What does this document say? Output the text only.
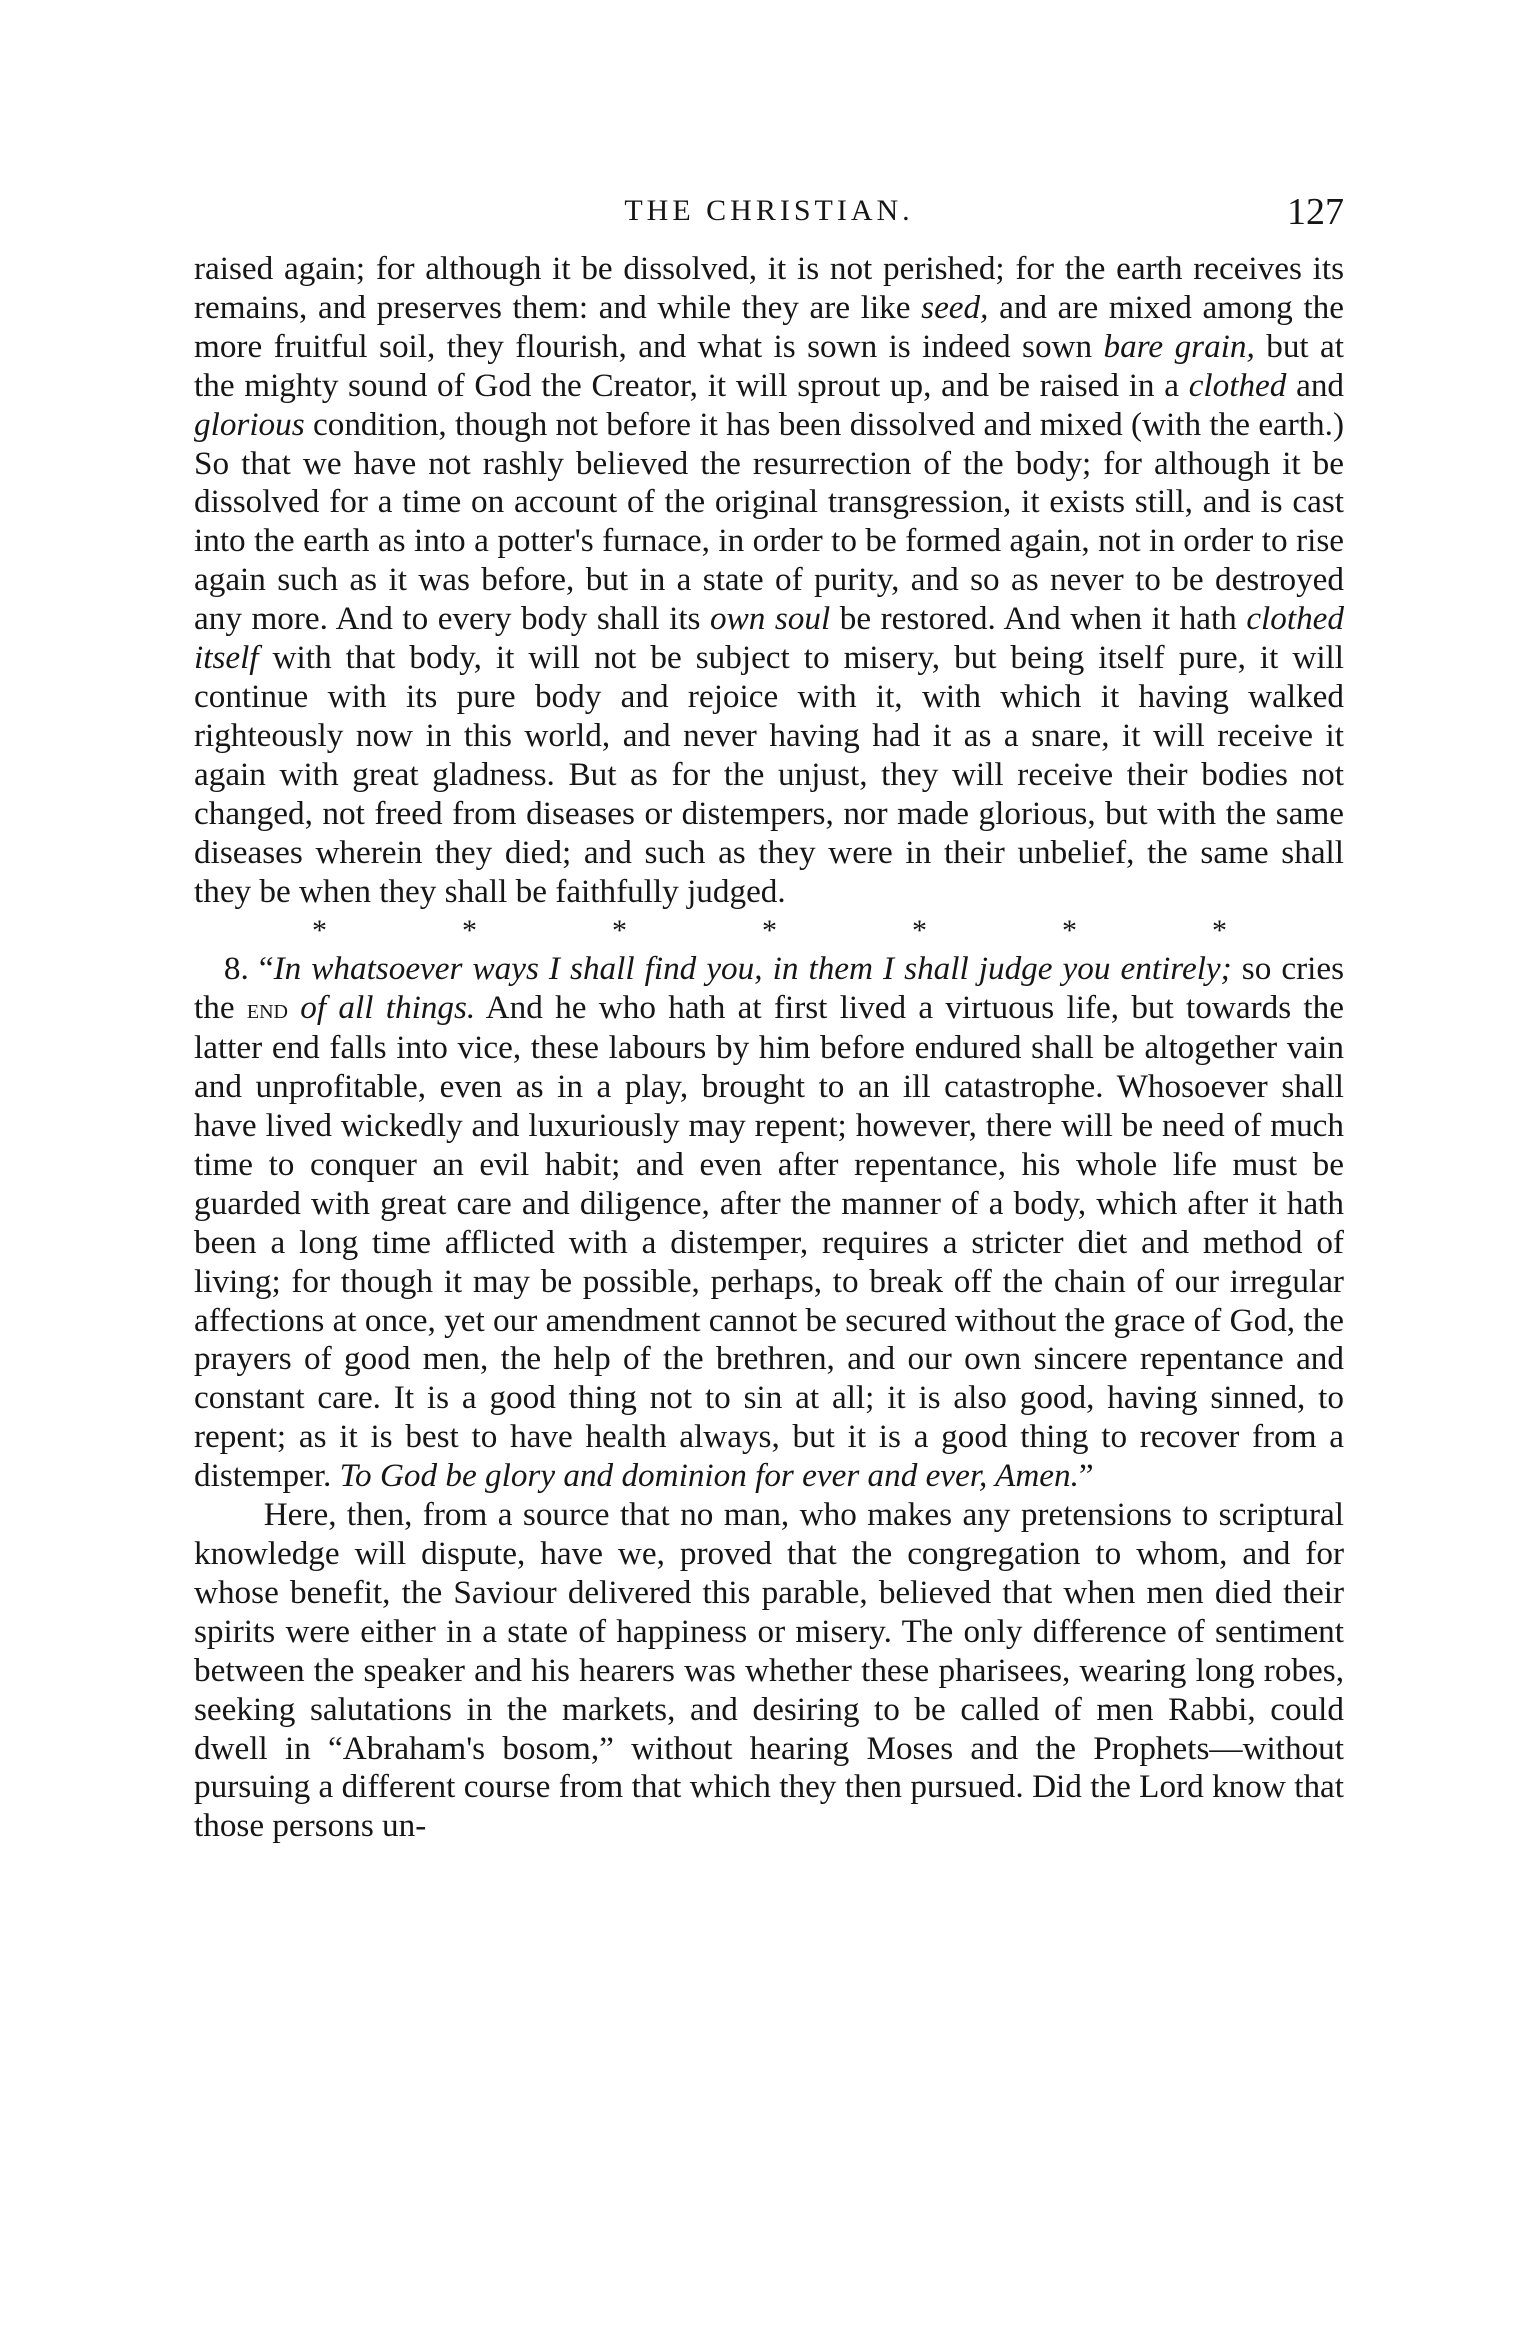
THE CHRISTIAN.	127

raised again; for although it be dissolved, it is not perished; for the earth receives its remains, and preserves them: and while they are like seed, and are mixed among the more fruitful soil, they flourish, and what is sown is indeed sown bare grain, but at the mighty sound of God the Creator, it will sprout up, and be raised in a clothed and glorious condition, though not before it has been dissolved and mixed (with the earth.) So that we have not rashly believed the resurrection of the body; for although it be dissolved for a time on account of the original transgression, it exists still, and is cast into the earth as into a potter's furnace, in order to be formed again, not in order to rise again such as it was before, but in a state of purity, and so as never to be destroyed any more. And to every body shall its own soul be restored. And when it hath clothed itself with that body, it will not be subject to misery, but being itself pure, it will continue with its pure body and rejoice with it, with which it having walked righteously now in this world, and never having had it as a snare, it will receive it again with great gladness. But as for the unjust, they will receive their bodies not changed, not freed from diseases or distempers, nor made glorious, but with the same diseases wherein they died; and such as they were in their unbelief, the same shall they be when they shall be faithfully judged.

*	*	*	*	*	*	*

8. “In whatsoever ways I shall find you, in them I shall judge you entirely; so cries the end of all things. And he who hath at first lived a virtuous life, but towards the latter end falls into vice, these labours by him before endured shall be altogether vain and unprofitable, even as in a play, brought to an ill catastrophe. Whosoever shall have lived wickedly and luxuriously may repent; however, there will be need of much time to conquer an evil habit; and even after repentance, his whole life must be guarded with great care and diligence, after the manner of a body, which after it hath been a long time afflicted with a distemper, requires a stricter diet and method of living; for though it may be possible, perhaps, to break off the chain of our irregular affections at once, yet our amendment cannot be secured without the grace of God, the prayers of good men, the help of the brethren, and our own sincere repentance and constant care. It is a good thing not to sin at all; it is also good, having sinned, to repent; as it is best to have health always, but it is a good thing to recover from a distemper. To God be glory and dominion for ever and ever, Amen.”

Here, then, from a source that no man, who makes any pretensions to scriptural knowledge will dispute, have we, proved that the congregation to whom, and for whose benefit, the Saviour delivered this parable, believed that when men died their spirits were either in a state of happiness or misery. The only difference of sentiment between the speaker and his hearers was whether these pharisees, wearing long robes, seeking salutations in the markets, and desiring to be called of men Rabbi, could dwell in “Abraham's bosom,” without hearing Moses and the Prophets—without pursuing a different course from that which they then pursued. Did the Lord know that those persons un-
